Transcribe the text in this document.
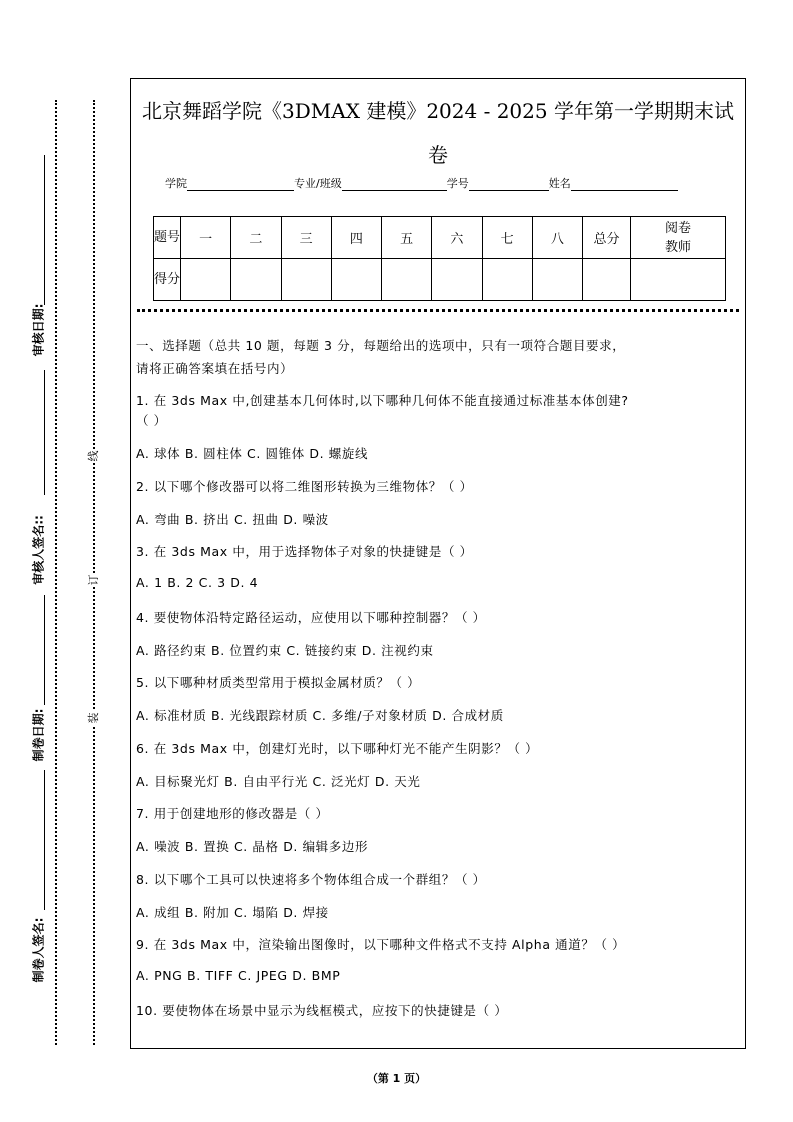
审核日期:
审核人签名::
制卷日期:
制卷人签名:
线
订
装
北京舞蹈学院《3DMAX 建模》2024 - 2025 学年第一学期期末试
卷
学院	专业/班级	学号	姓名
题号	一	二	三	四	五	六	七	八	总分	阅卷教师
得分										
一、选择题（总共 10 题，每题 3 分，每题给出的选项中，只有一项符合题目要求，
请将正确答案填在括号内）
1. 在 3ds Max 中,创建基本几何体时,以下哪种几何体不能直接通过标准基本体创建?
（ ）
A. 球体 B. 圆柱体 C. 圆锥体 D. 螺旋线
2. 以下哪个修改器可以将二维图形转换为三维物体？（ ）
A. 弯曲 B. 挤出 C. 扭曲 D. 噪波
3. 在 3ds Max 中，用于选择物体子对象的快捷键是（ ）
A. 1 B. 2 C. 3 D. 4
4. 要使物体沿特定路径运动，应使用以下哪种控制器？（ ）
A. 路径约束 B. 位置约束 C. 链接约束 D. 注视约束
5. 以下哪种材质类型常用于模拟金属材质？（ ）
A. 标准材质 B. 光线跟踪材质 C. 多维/子对象材质 D. 合成材质
6. 在 3ds Max 中，创建灯光时，以下哪种灯光不能产生阴影？（ ）
A. 目标聚光灯 B. 自由平行光 C. 泛光灯 D. 天光
7. 用于创建地形的修改器是（ ）
A. 噪波 B. 置换 C. 晶格 D. 编辑多边形
8. 以下哪个工具可以快速将多个物体组合成一个群组？（ ）
A. 成组 B. 附加 C. 塌陷 D. 焊接
9. 在 3ds Max 中，渲染输出图像时，以下哪种文件格式不支持 Alpha 通道？（ ）
A. PNG B. TIFF C. JPEG D. BMP
10. 要使物体在场景中显示为线框模式，应按下的快捷键是（ ）
（第 1 页）
